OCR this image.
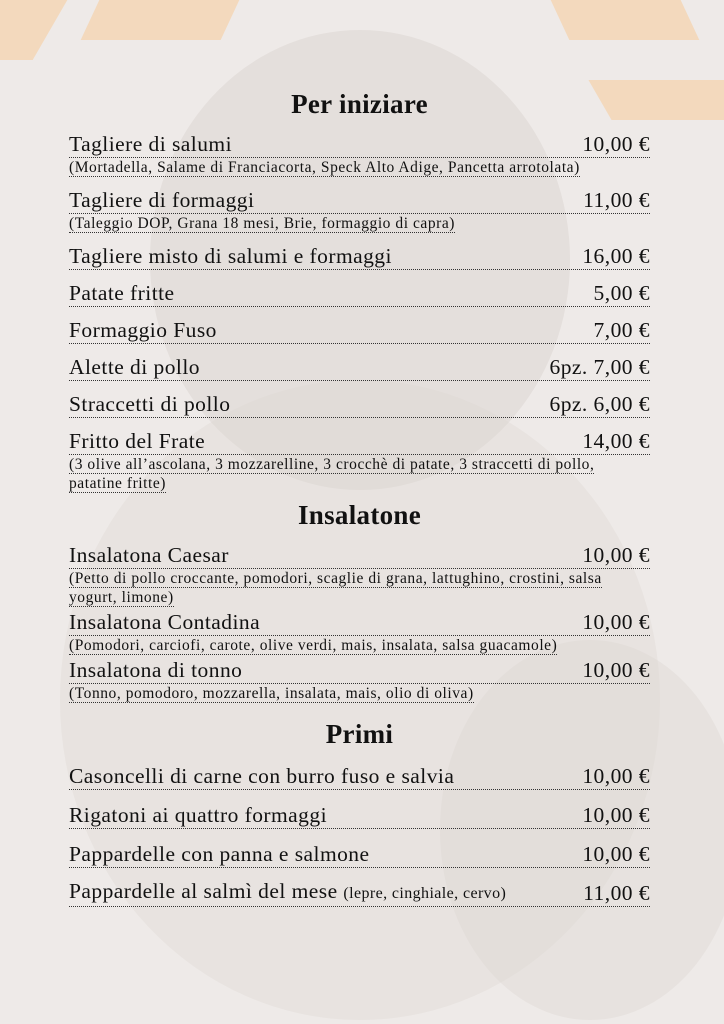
Per iniziare
Tagliere di salumi	10,00 €
(Mortadella, Salame di Franciacorta, Speck Alto Adige, Pancetta arrotolata)
Tagliere di formaggi	11,00 €
(Taleggio DOP, Grana 18 mesi, Brie, formaggio di capra)
Tagliere misto di salumi e formaggi	16,00 €
Patate fritte	5,00 €
Formaggio Fuso	7,00 €
Alette di pollo	6pz. 7,00 €
Straccetti di pollo	6pz. 6,00 €
Fritto del Frate	14,00 €
(3 olive all’ascolana, 3 mozzarelline, 3 crocchè di patate, 3 straccetti di pollo, patatine fritte)
Insalatone
Insalatona Caesar	10,00 €
(Petto di pollo croccante, pomodori, scaglie di grana, lattughino, crostini, salsa yogurt, limone)
Insalatona Contadina	10,00 €
(Pomodori, carciofi, carote, olive verdi, mais, insalata, salsa guacamole)
Insalatona di tonno	10,00 €
(Tonno, pomodoro, mozzarella, insalata, mais, olio di oliva)
Primi
Casoncelli di carne con burro fuso e salvia	10,00 €
Rigatoni ai quattro formaggi	10,00 €
Pappardelle con panna e salmone	10,00 €
Pappardelle al salmì del mese (lepre, cinghiale, cervo)	11,00 €
